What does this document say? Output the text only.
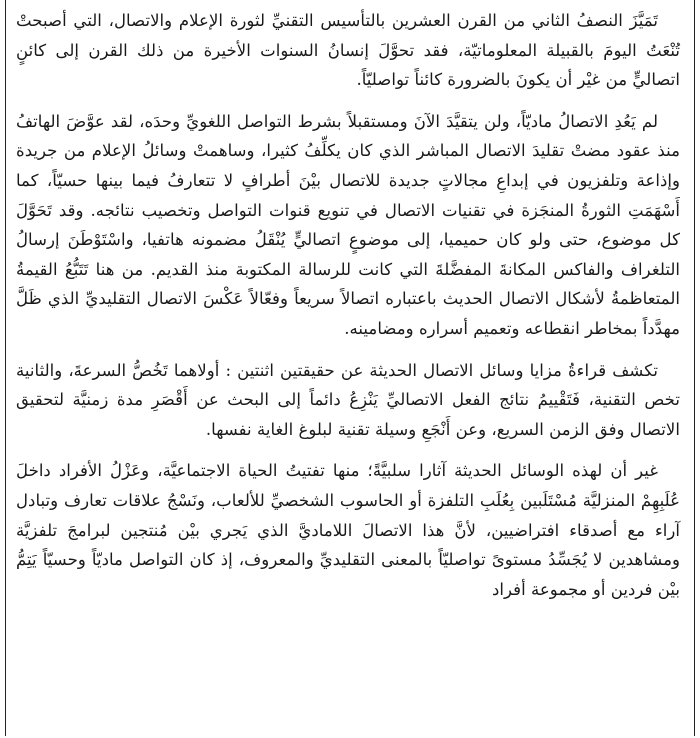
تَمَيَّزَ النصفُ الثاني من القرن العشرين بالتأسيس التقنيِّ لثورة الإعلام والاتصال، التي أصبحتْ تُنْعَتُ اليومَ بالقبيلة المعلوماتيّة، فقد تحوَّلَ إنسانُ السنوات الأخيرة من ذلك القرن إلى كائنٍ اتصاليٍّ من غيْر أن يكونَ بالضرورة كائناً تواصليّاً.

لم يَعُدِ الاتصالُ ماديّاً، ولن يتقيَّدَ الآنَ ومستقبلاً بشرط التواصل اللغويِّ وحدَه، لقد عوَّضَ الهاتفُ منذ عقود مضتْ تقليدَ الاتصال المباشر الذي كان يكلِّفُ كثيرا، وساهمتْ وسائلُ الإعلام من جريدة وإذاعة وتلفزيون في إبداعِ مجالاتٍ جديدة للاتصال بيْنَ أطرافٍ لا تتعارفُ فيما بينها حسيّاً، كما أَسْهَمَتِ الثورةُ المنجَزة في تقنيات الاتصال في تنويع قنوات التواصل وتخصيب نتائجه. وقد تَحَوَّلَ كل موضوع، حتى ولو كان حميميا، إلى موضوعٍ اتصاليٍّ يُنْقَلُ مضمونه هاتفيا، واسْتَوْطَنَ إرسالُ التلغراف والفاكس المكانةَ المفضَّلةَ التي كانت للرسالة المكتوبة منذ القديم. من هنا تَتَبُّعُ القيمةُ المتعاظمةُ لأشكال الاتصال الحديث باعتباره اتصالاً سريعاً وفعّالاً عَكْسَ الاتصال التقليديِّ الذي ظَلَّ مهدَّداً بمخاطر انقطاعه وتعميم أسراره ومضامينه.

تكشف قراءةُ مزايا وسائل الاتصال الحديثة عن حقيقتين اثنتين : أولاهما تَخُصُّ السرعةَ، والثانية تخص التقنية، فَتَقْييمُ نتائج الفعل الاتصاليِّ يَنْزِعُ دائماً إلى البحث عن أَقْصَرِ مدة زمنيَّة لتحقيق الاتصال وفق الزمن السريع، وعن أَنْجَعِ وسيلة تقنية لبلوغ الغاية نفسها.

غير أن لهذه الوسائل الحديثة آثارا سلبيَّةً؛ منها تفتيتُ الحياة الاجتماعيَّة، وعَزْلُ الأفراد داخلَ عُلَبِهِمْ المنزليَّة مُسْتَلَبين بِعُلَبِ التلفزة أو الحاسوب الشخصيِّ للألعاب، ونَسْجُ علاقات تعارف وتبادل آراء مع أصدقاء افتراضيين، لأنَّ هذا الاتصالَ اللاماديَّ الذي يَجري بيْن مُنتجين لبرامجَ تلفزيَّة ومشاهدين لا يُجَسِّدُ مستوىً تواصليّاً بالمعنى التقليديِّ والمعروف، إذ كان التواصل ماديّاً وحسيّاً يَتِمُّ بيْن فردين أو مجموعة أفراد
